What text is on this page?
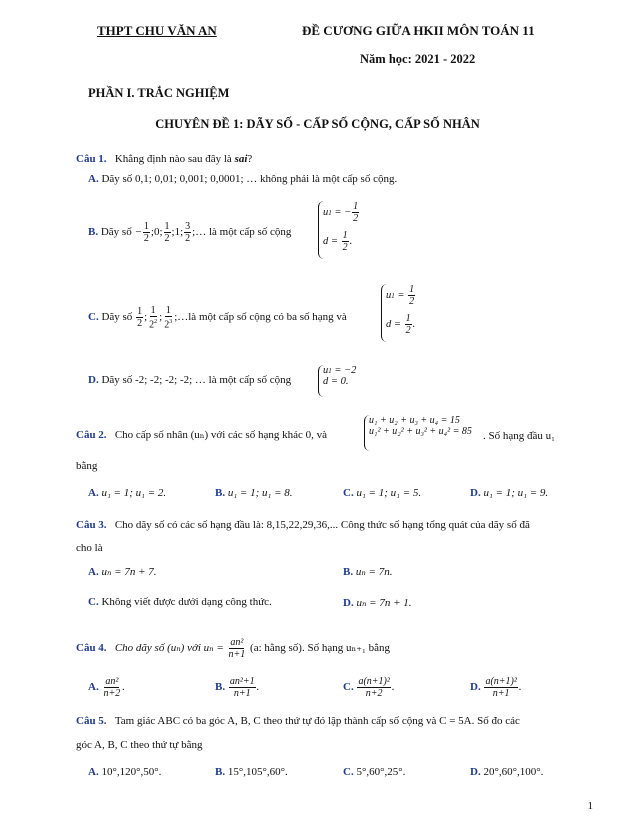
THPT CHU VĂN AN	ĐỀ CƯƠNG GIỮA HKII MÔN TOÁN 11
Năm học: 2021 - 2022
PHẦN I. TRẮC NGHIỆM
CHUYÊN ĐỀ 1: DÃY SỐ - CẤP SỐ CỘNG, CẤP SỐ NHÂN
Câu 1. Khẳng định nào sau đây là sai?
A. Dãy số 0,1; 0,01; 0,001; 0,0001; … không phải là một cấp số cộng.
B. Dãy số − $\frac{1}{2}$ ;0; $\frac{1}{2}$ ;1; $\frac{3}{2}$ ;… là một cấp số cộng
u 1 = − $\frac{1}{2}$
$d = \frac{1}{2}$ .
C. Dãy số $\frac{1}{2}$ ; $\frac{1}{2^2}$ ; $\frac{1}{2^3}$ ;…là một cấp số cộng có ba số hạng và
u $1 = \frac{1}{2}$
$d = \frac{1}{2}$ .
D. Dãy số -2; -2; -2; -2; … là một cấp số cộng
u 1 = −2
d = 0.
Câu 2. Cho cấp số nhân (uₙ) với các số hạng khác 0, và
u₁ + u₂ + u₃ + u₄ = 15
u₁² + u₂² + u₃² + u₄² = 85 . Số hạng đầu u₁
bằng
A. u₁ = 1; u₁ = 2.	B. u₁ = 1; u₁ = 8.	C. u₁ = 1; u₁ = 5.	D. u₁ = 1; u₁ = 9.
Câu 3. Cho dãy số có các số hạng đầu là: 8,15,22,29,36,... Công thức số hạng tổng quát của dãy số đã
cho là
A. uₙ = 7n + 7.	B. uₙ = 7n.
C. Không viết được dưới dạng công thức.	D. uₙ = 7n + 1.
Câu 4. Cho dãy số (uₙ) với $u_n = \frac{\text{an²}}{n+1} (a$: hằng số). Số hạng uₙ₊₁ bằng
A. $\frac{\text{an²}}{n+2}$ .	B. $\frac{\text{an²+1}}{n+1}$ .	C. $\frac{\text{a(n+1)²}}{n+2}$ .	D. $\frac{\text{a(n+1)²}}{n+1}$ .
Câu 5. Tam giác ABC có ba góc A, B, C theo thứ tự đó lập thành cấp số cộng và C = 5A. Số đo các
góc A, B, C theo thứ tự bằng
A. 10°,120°,50°.	B. 15°,105°,60°.	C. 5°,60°,25°.	D. 20°,60°,100°.
1
